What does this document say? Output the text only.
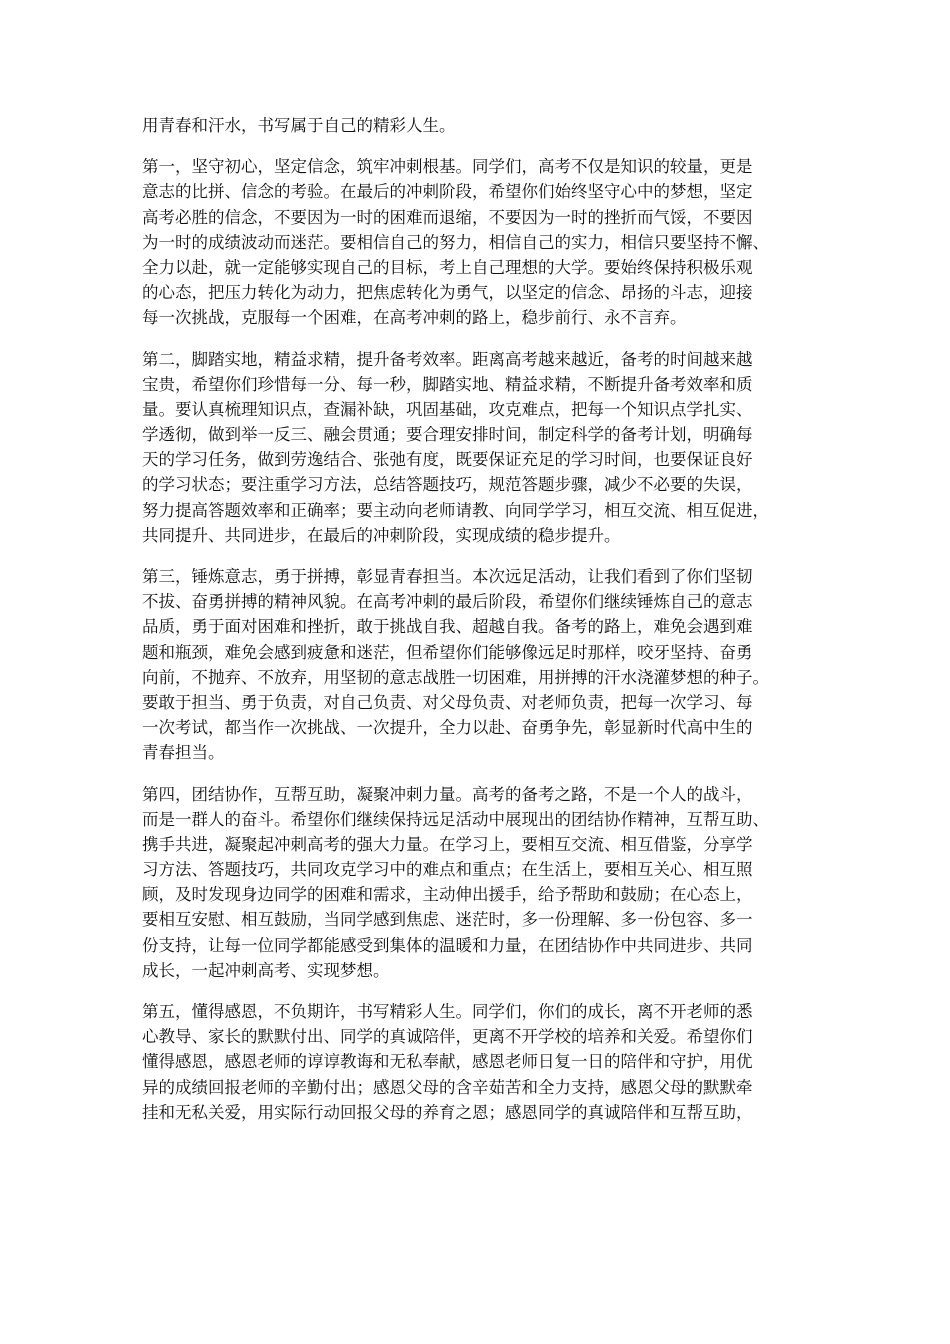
用青春和汗水，书写属于自己的精彩人生。
第一，坚守初心，坚定信念，筑牢冲刺根基。同学们，高考不仅是知识的较量，更是
意志的比拼、信念的考验。在最后的冲刺阶段，希望你们始终坚守心中的梦想，坚定
高考必胜的信念，不要因为一时的困难而退缩，不要因为一时的挫折而气馁，不要因
为一时的成绩波动而迷茫。要相信自己的努力，相信自己的实力，相信只要坚持不懈、
全力以赴，就一定能够实现自己的目标，考上自己理想的大学。要始终保持积极乐观
的心态，把压力转化为动力，把焦虑转化为勇气，以坚定的信念、昂扬的斗志，迎接
每一次挑战，克服每一个困难，在高考冲刺的路上，稳步前行、永不言弃。
第二，脚踏实地，精益求精，提升备考效率。距离高考越来越近，备考的时间越来越
宝贵，希望你们珍惜每一分、每一秒，脚踏实地、精益求精，不断提升备考效率和质
量。要认真梳理知识点，查漏补缺，巩固基础，攻克难点，把每一个知识点学扎实、
学透彻，做到举一反三、融会贯通；要合理安排时间，制定科学的备考计划，明确每
天的学习任务，做到劳逸结合、张弛有度，既要保证充足的学习时间，也要保证良好
的学习状态；要注重学习方法，总结答题技巧，规范答题步骤，减少不必要的失误，
努力提高答题效率和正确率；要主动向老师请教、向同学学习，相互交流、相互促进，
共同提升、共同进步，在最后的冲刺阶段，实现成绩的稳步提升。
第三，锤炼意志，勇于拼搏，彰显青春担当。本次远足活动，让我们看到了你们坚韧
不拔、奋勇拼搏的精神风貌。在高考冲刺的最后阶段，希望你们继续锤炼自己的意志
品质，勇于面对困难和挫折，敢于挑战自我、超越自我。备考的路上，难免会遇到难
题和瓶颈，难免会感到疲惫和迷茫，但希望你们能够像远足时那样，咬牙坚持、奋勇
向前，不抛弃、不放弃，用坚韧的意志战胜一切困难，用拼搏的汗水浇灌梦想的种子。
要敢于担当、勇于负责，对自己负责、对父母负责、对老师负责，把每一次学习、每
一次考试，都当作一次挑战、一次提升，全力以赴、奋勇争先，彰显新时代高中生的
青春担当。
第四，团结协作，互帮互助，凝聚冲刺力量。高考的备考之路，不是一个人的战斗，
而是一群人的奋斗。希望你们继续保持远足活动中展现出的团结协作精神，互帮互助、
携手共进，凝聚起冲刺高考的强大力量。在学习上，要相互交流、相互借鉴，分享学
习方法、答题技巧，共同攻克学习中的难点和重点；在生活上，要相互关心、相互照
顾，及时发现身边同学的困难和需求，主动伸出援手，给予帮助和鼓励；在心态上，
要相互安慰、相互鼓励，当同学感到焦虑、迷茫时，多一份理解、多一份包容、多一
份支持，让每一位同学都能感受到集体的温暖和力量，在团结协作中共同进步、共同
成长，一起冲刺高考、实现梦想。
第五，懂得感恩，不负期许，书写精彩人生。同学们，你们的成长，离不开老师的悉
心教导、家长的默默付出、同学的真诚陪伴，更离不开学校的培养和关爱。希望你们
懂得感恩，感恩老师的谆谆教诲和无私奉献，感恩老师日复一日的陪伴和守护，用优
异的成绩回报老师的辛勤付出；感恩父母的含辛茹苦和全力支持，感恩父母的默默牵
挂和无私关爱，用实际行动回报父母的养育之恩；感恩同学的真诚陪伴和互帮互助，
